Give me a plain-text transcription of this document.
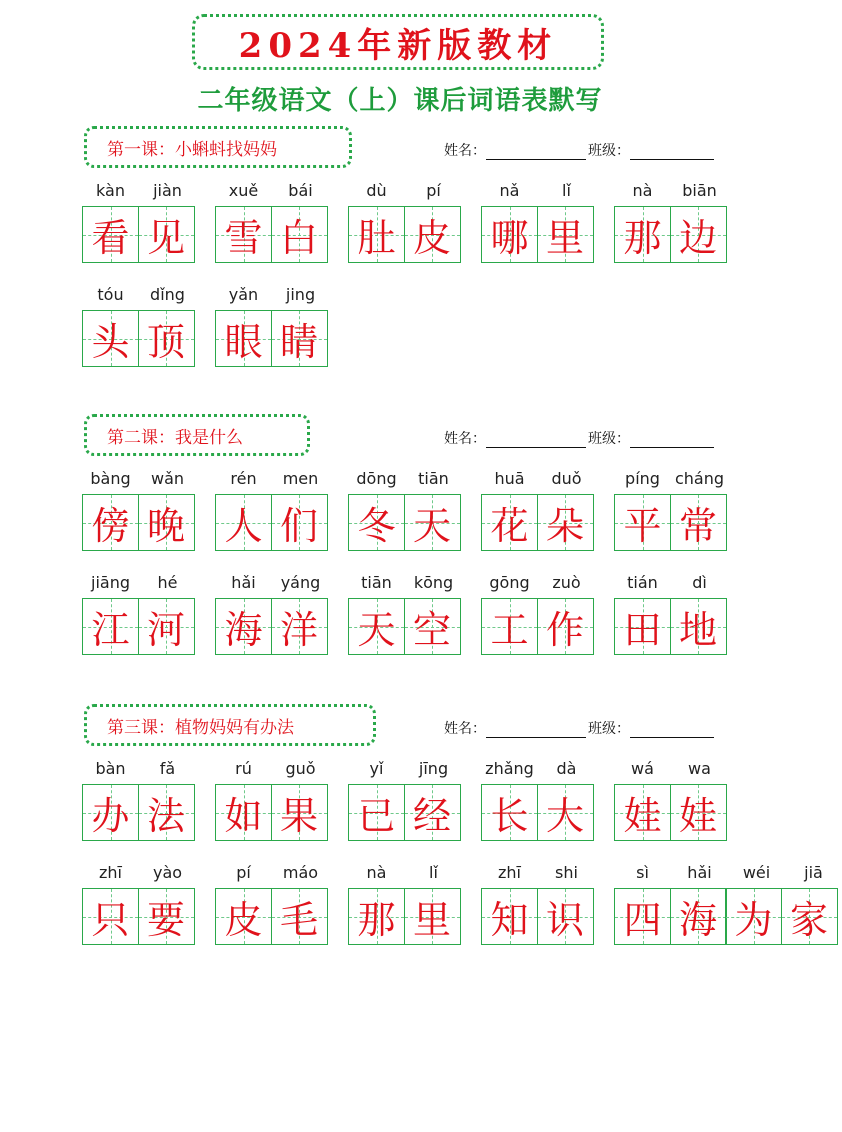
2024年新版教材
二年级语文（上）课后词语表默写
第一课：小蝌蚪找妈妈	姓名：	班级：
kàn	jiàn
看 见
xuě	bái
雪 白
dù	pí
肚 皮
nǎ	lǐ
哪 里
nà	biān
那 边
tóu	dǐng
头 顶
yǎn	jing
眼 睛
第二课：我是什么	姓名：	班级：
bàng	wǎn
傍 晚
rén	men
人 们
dōng	tiān
冬 天
huā	duǒ
花 朵
píng cháng
平 常
jiāng	hé
江 河
hǎi	yáng
海 洋
tiān	kōng
天 空
gōng	zuò
工 作
tián	dì
田 地
第三课：植物妈妈有办法	姓名：	班级：
bàn	fǎ
办 法
rú	guǒ
如 果
yǐ	jīng
已 经
zhǎng	dà
长 大
wá	wa
娃 娃
zhī	yào
只 要
pí	máo
皮 毛
nà	lǐ
那 里
zhī	shi
知 识
sì	hǎi	wéi	jiā
四 海 为 家
